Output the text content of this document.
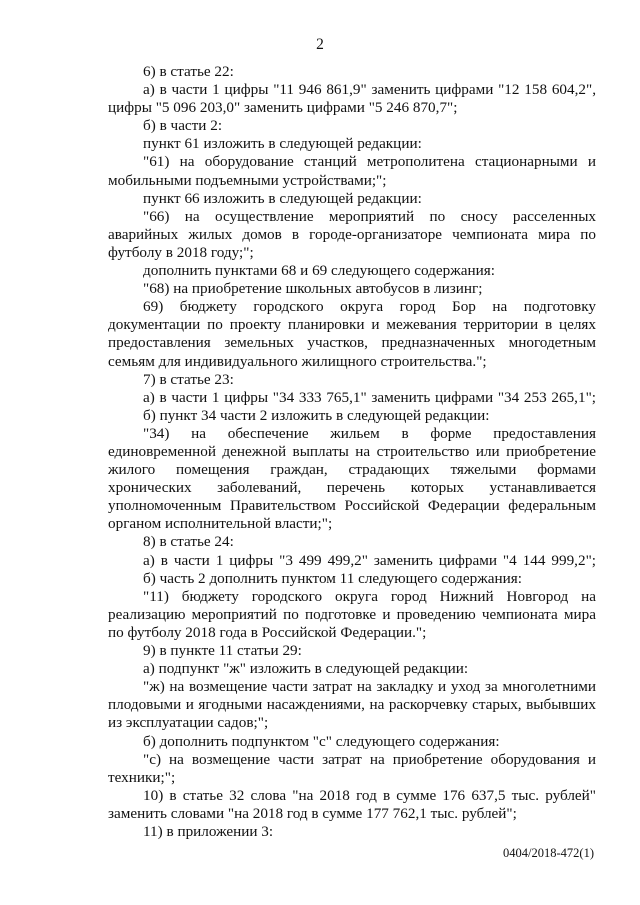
2
6) в статье 22:
а) в части 1 цифры "11 946 861,9" заменить цифрами "12 158 604,2",
цифры "5 096 203,0" заменить цифрами "5 246 870,7";
б) в части 2:
пункт 61 изложить в следующей редакции:
"61) на оборудование станций метрополитена стационарными и
мобильными подъемными устройствами;";
пункт 66 изложить в следующей редакции:
"66) на осуществление мероприятий по сносу расселенных
аварийных жилых домов в городе-организаторе чемпионата мира по
футболу в 2018 году;";
дополнить пунктами 68 и 69 следующего содержания:
"68) на приобретение школьных автобусов в лизинг;
69) бюджету городского округа город Бор на подготовку
документации по проекту планировки и межевания территории в целях
предоставления земельных участков, предназначенных многодетным
семьям для индивидуального жилищного строительства.";
7) в статье 23:
а) в части 1 цифры "34 333 765,1" заменить цифрами "34 253 265,1";
б) пункт 34 части 2 изложить в следующей редакции:
"34) на обеспечение жильем в форме предоставления
единовременной денежной выплаты на строительство или приобретение
жилого помещения граждан, страдающих тяжелыми формами
хронических заболеваний, перечень которых устанавливается
уполномоченным Правительством Российской Федерации федеральным
органом исполнительной власти;";
8) в статье 24:
а) в части 1 цифры "3 499 499,2" заменить цифрами "4 144 999,2";
б) часть 2 дополнить пунктом 11 следующего содержания:
"11) бюджету городского округа город Нижний Новгород на
реализацию мероприятий по подготовке и проведению чемпионата мира
по футболу 2018 года в Российской Федерации.";
9) в пункте 11 статьи 29:
а) подпункт "ж" изложить в следующей редакции:
"ж) на возмещение части затрат на закладку и уход за многолетними
плодовыми и ягодными насаждениями, на раскорчевку старых, выбывших
из эксплуатации садов;";
б) дополнить подпунктом "с" следующего содержания:
"с) на возмещение части затрат на приобретение оборудования и
техники;";
10) в статье 32 слова "на 2018 год в сумме 176 637,5 тыс. рублей"
заменить словами "на 2018 год в сумме 177 762,1 тыс. рублей";
11) в приложении 3:
0404/2018-472(1)
